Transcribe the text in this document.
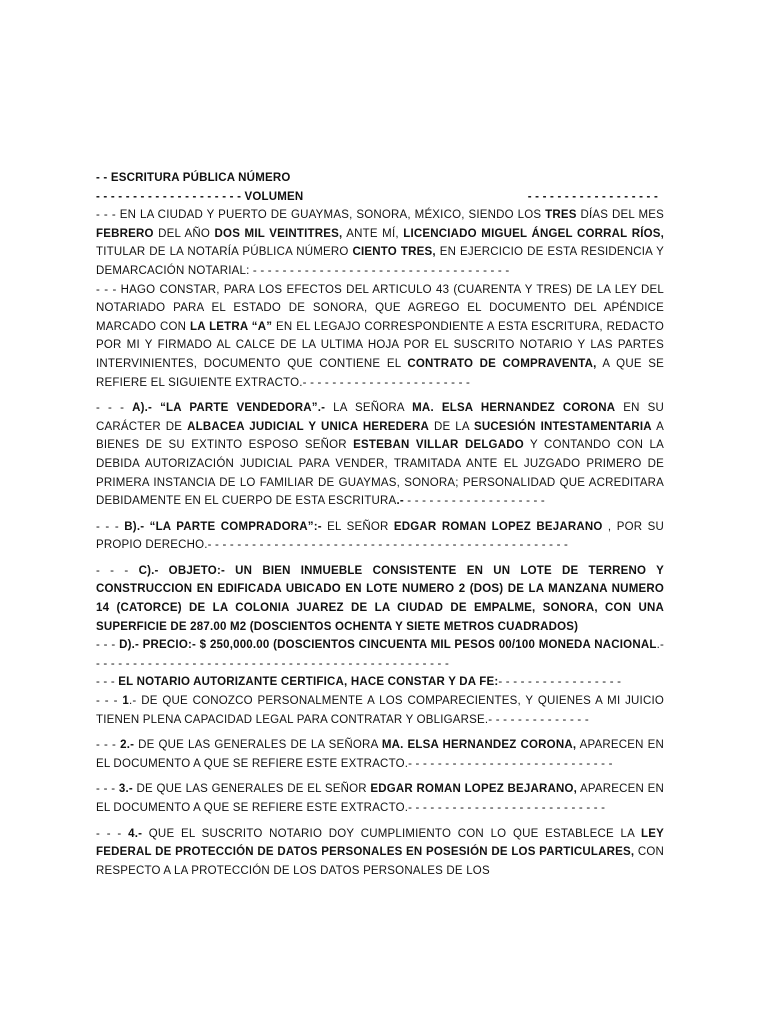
- - ESCRITURA PÚBLICA NÚMERO

- - - - - - - - - - - - - - - - - - - - VOLUMEN	- - - - - - - - - - - - - - - - - -

- - - EN LA CIUDAD Y PUERTO DE GUAYMAS, SONORA, MÉXICO, SIENDO LOS TRES DÍAS DEL MES FEBRERO DEL AÑO DOS MIL VEINTITRES, ANTE MÍ, LICENCIADO MIGUEL ÁNGEL CORRAL RÍOS, TITULAR DE LA NOTARÍA PÚBLICA NÚMERO CIENTO TRES, EN EJERCICIO DE ESTA RESIDENCIA Y DEMARCACIÓN NOTARIAL: - - - - - - - - - - - - - - - - - - - - - - - - - - - - - - - - - - -

- - - HAGO CONSTAR, PARA LOS EFECTOS DEL ARTICULO 43 (CUARENTA Y TRES) DE LA LEY DEL NOTARIADO PARA EL ESTADO DE SONORA, QUE AGREGO EL DOCUMENTO DEL APÉNDICE MARCADO CON LA LETRA “A” EN EL LEGAJO CORRESPONDIENTE A ESTA ESCRITURA, REDACTO POR MI Y FIRMADO AL CALCE DE LA ULTIMA HOJA POR EL SUSCRITO NOTARIO Y LAS PARTES INTERVINIENTES, DOCUMENTO QUE CONTIENE EL CONTRATO DE COMPRAVENTA, A QUE SE REFIERE EL SIGUIENTE EXTRACTO.- - - - - - - - - - - - - - - - - - - - - - -

- - - A).- “LA PARTE VENDEDORA”.- LA SEÑORA MA. ELSA HERNANDEZ CORONA EN SU CARÁCTER DE ALBACEA JUDICIAL Y UNICA HEREDERA DE LA SUCESIÓN INTESTAMENTARIA A BIENES DE SU EXTINTO ESPOSO SEÑOR ESTEBAN VILLAR DELGADO Y CONTANDO CON LA DEBIDA AUTORIZACIÓN JUDICIAL PARA VENDER, TRAMITADA ANTE EL JUZGADO PRIMERO DE PRIMERA INSTANCIA DE LO FAMILIAR DE GUAYMAS, SONORA; PERSONALIDAD QUE ACREDITARA DEBIDAMENTE EN EL CUERPO DE ESTA ESCRITURA.- - - - - - - - - - - - - - - - - - - -

- - - B).- “LA PARTE COMPRADORA”:- EL SEÑOR EDGAR ROMAN LOPEZ BEJARANO , POR SU PROPIO DERECHO.- - - - - - - - - - - - - - - - - - - - - - - - - - - - - - - - - - - - - - - - - - - - - - - - -

- - - C).- OBJETO:- UN BIEN INMUEBLE CONSISTENTE EN UN LOTE DE TERRENO Y CONSTRUCCION EN EDIFICADA UBICADO EN LOTE NUMERO 2 (DOS) DE LA MANZANA NUMERO 14 (CATORCE) DE LA COLONIA JUAREZ DE LA CIUDAD DE EMPALME, SONORA, CON UNA SUPERFICIE DE 287.00 M2 (DOSCIENTOS OCHENTA Y SIETE METROS CUADRADOS)

- - - D).- PRECIO:- $ 250,000.00 (DOSCIENTOS CINCUENTA MIL PESOS 00/100 MONEDA NACIONAL.- - - - - - - - - - - - - - - - - - - - - - - - - - - - - - - - - - - - - - - - - - - - - - - - -

- - - EL NOTARIO AUTORIZANTE CERTIFICA, HACE CONSTAR Y DA FE:- - - - - - - - - - - - - - - - -

- - - 1.- DE QUE CONOZCO PERSONALMENTE A LOS COMPARECIENTES, Y QUIENES A MI JUICIO TIENEN PLENA CAPACIDAD LEGAL PARA CONTRATAR Y OBLIGARSE.- - - - - - - - - - - - - -

- - - 2.- DE QUE LAS GENERALES DE LA SEÑORA MA. ELSA HERNANDEZ CORONA, APARECEN EN EL DOCUMENTO A QUE SE REFIERE ESTE EXTRACTO.- - - - - - - - - - - - - - - - - - - - - - - - - - - -

- - - 3.- DE QUE LAS GENERALES DE EL SEÑOR EDGAR ROMAN LOPEZ BEJARANO, APARECEN EN EL DOCUMENTO A QUE SE REFIERE ESTE EXTRACTO.- - - - - - - - - - - - - - - - - - - - - - - - - - -

- - - 4.- QUE EL SUSCRITO NOTARIO DOY CUMPLIMIENTO CON LO QUE ESTABLECE LA LEY FEDERAL DE PROTECCIÓN DE DATOS PERSONALES EN POSESIÓN DE LOS PARTICULARES, CON RESPECTO A LA PROTECCIÓN DE LOS DATOS PERSONALES DE LOS
